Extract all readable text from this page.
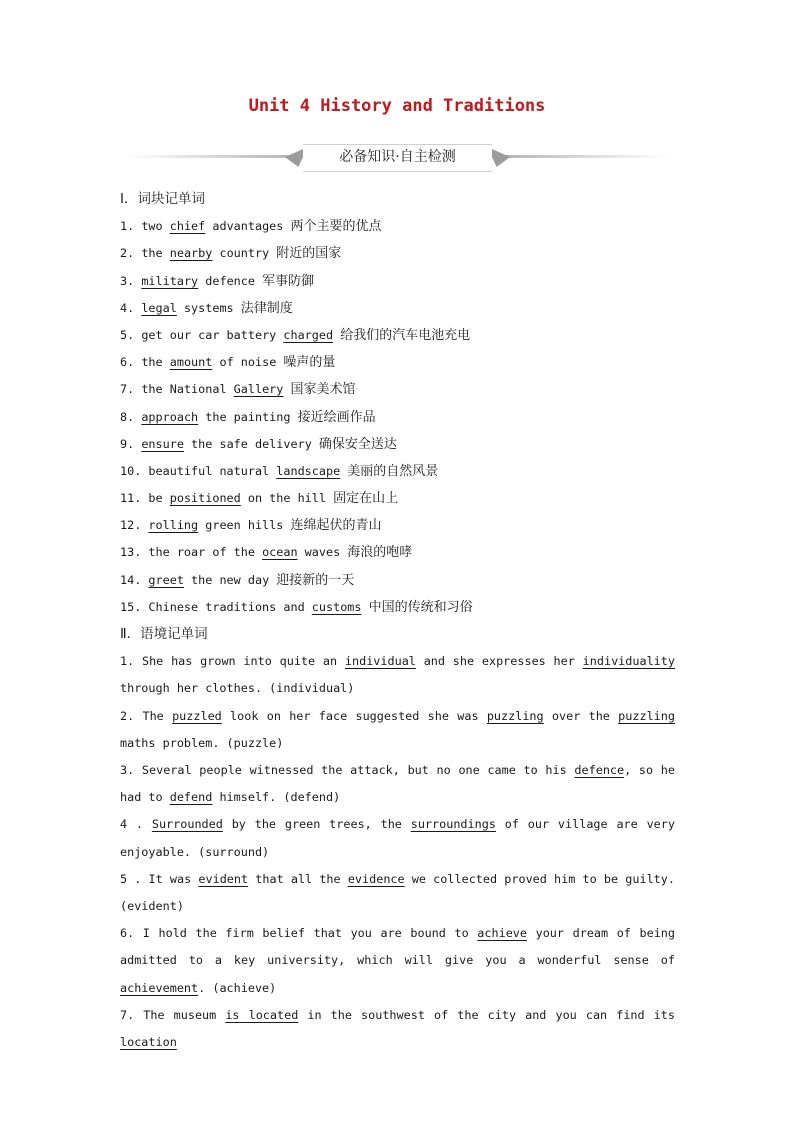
Unit 4 History and Traditions
必备知识·自主检测
Ⅰ．词块记单词
1. two chief advantages 两个主要的优点
2. the nearby country 附近的国家
3. military defence 军事防御
4. legal systems 法律制度
5. get our car battery charged 给我们的汽车电池充电
6. the amount of noise 噪声的量
7. the National Gallery 国家美术馆
8. approach the painting 接近绘画作品
9. ensure the safe delivery 确保安全送达
10. beautiful natural landscape 美丽的自然风景
11. be positioned on the hill 固定在山上
12. rolling green hills 连绵起伏的青山
13. the roar of the ocean waves 海浪的咆哮
14. greet the new day 迎接新的一天
15. Chinese traditions and customs 中国的传统和习俗
Ⅱ．语境记单词
1. She has grown into quite an individual and she expresses her individuality through her clothes. (individual)
2. The puzzled look on her face suggested she was puzzling over the puzzling maths problem. (puzzle)
3. Several people witnessed the attack, but no one came to his defence, so he had to defend himself. (defend)
4 . Surrounded by the green trees, the surroundings of our village are very enjoyable. (surround)
5 . It was evident that all the evidence we collected proved him to be guilty. (evident)
6. I hold the firm belief that you are bound to achieve your dream of being admitted to a key university, which will give you a wonderful sense of achievement. (achieve)
7. The museum is located in the southwest of the city and you can find its location
